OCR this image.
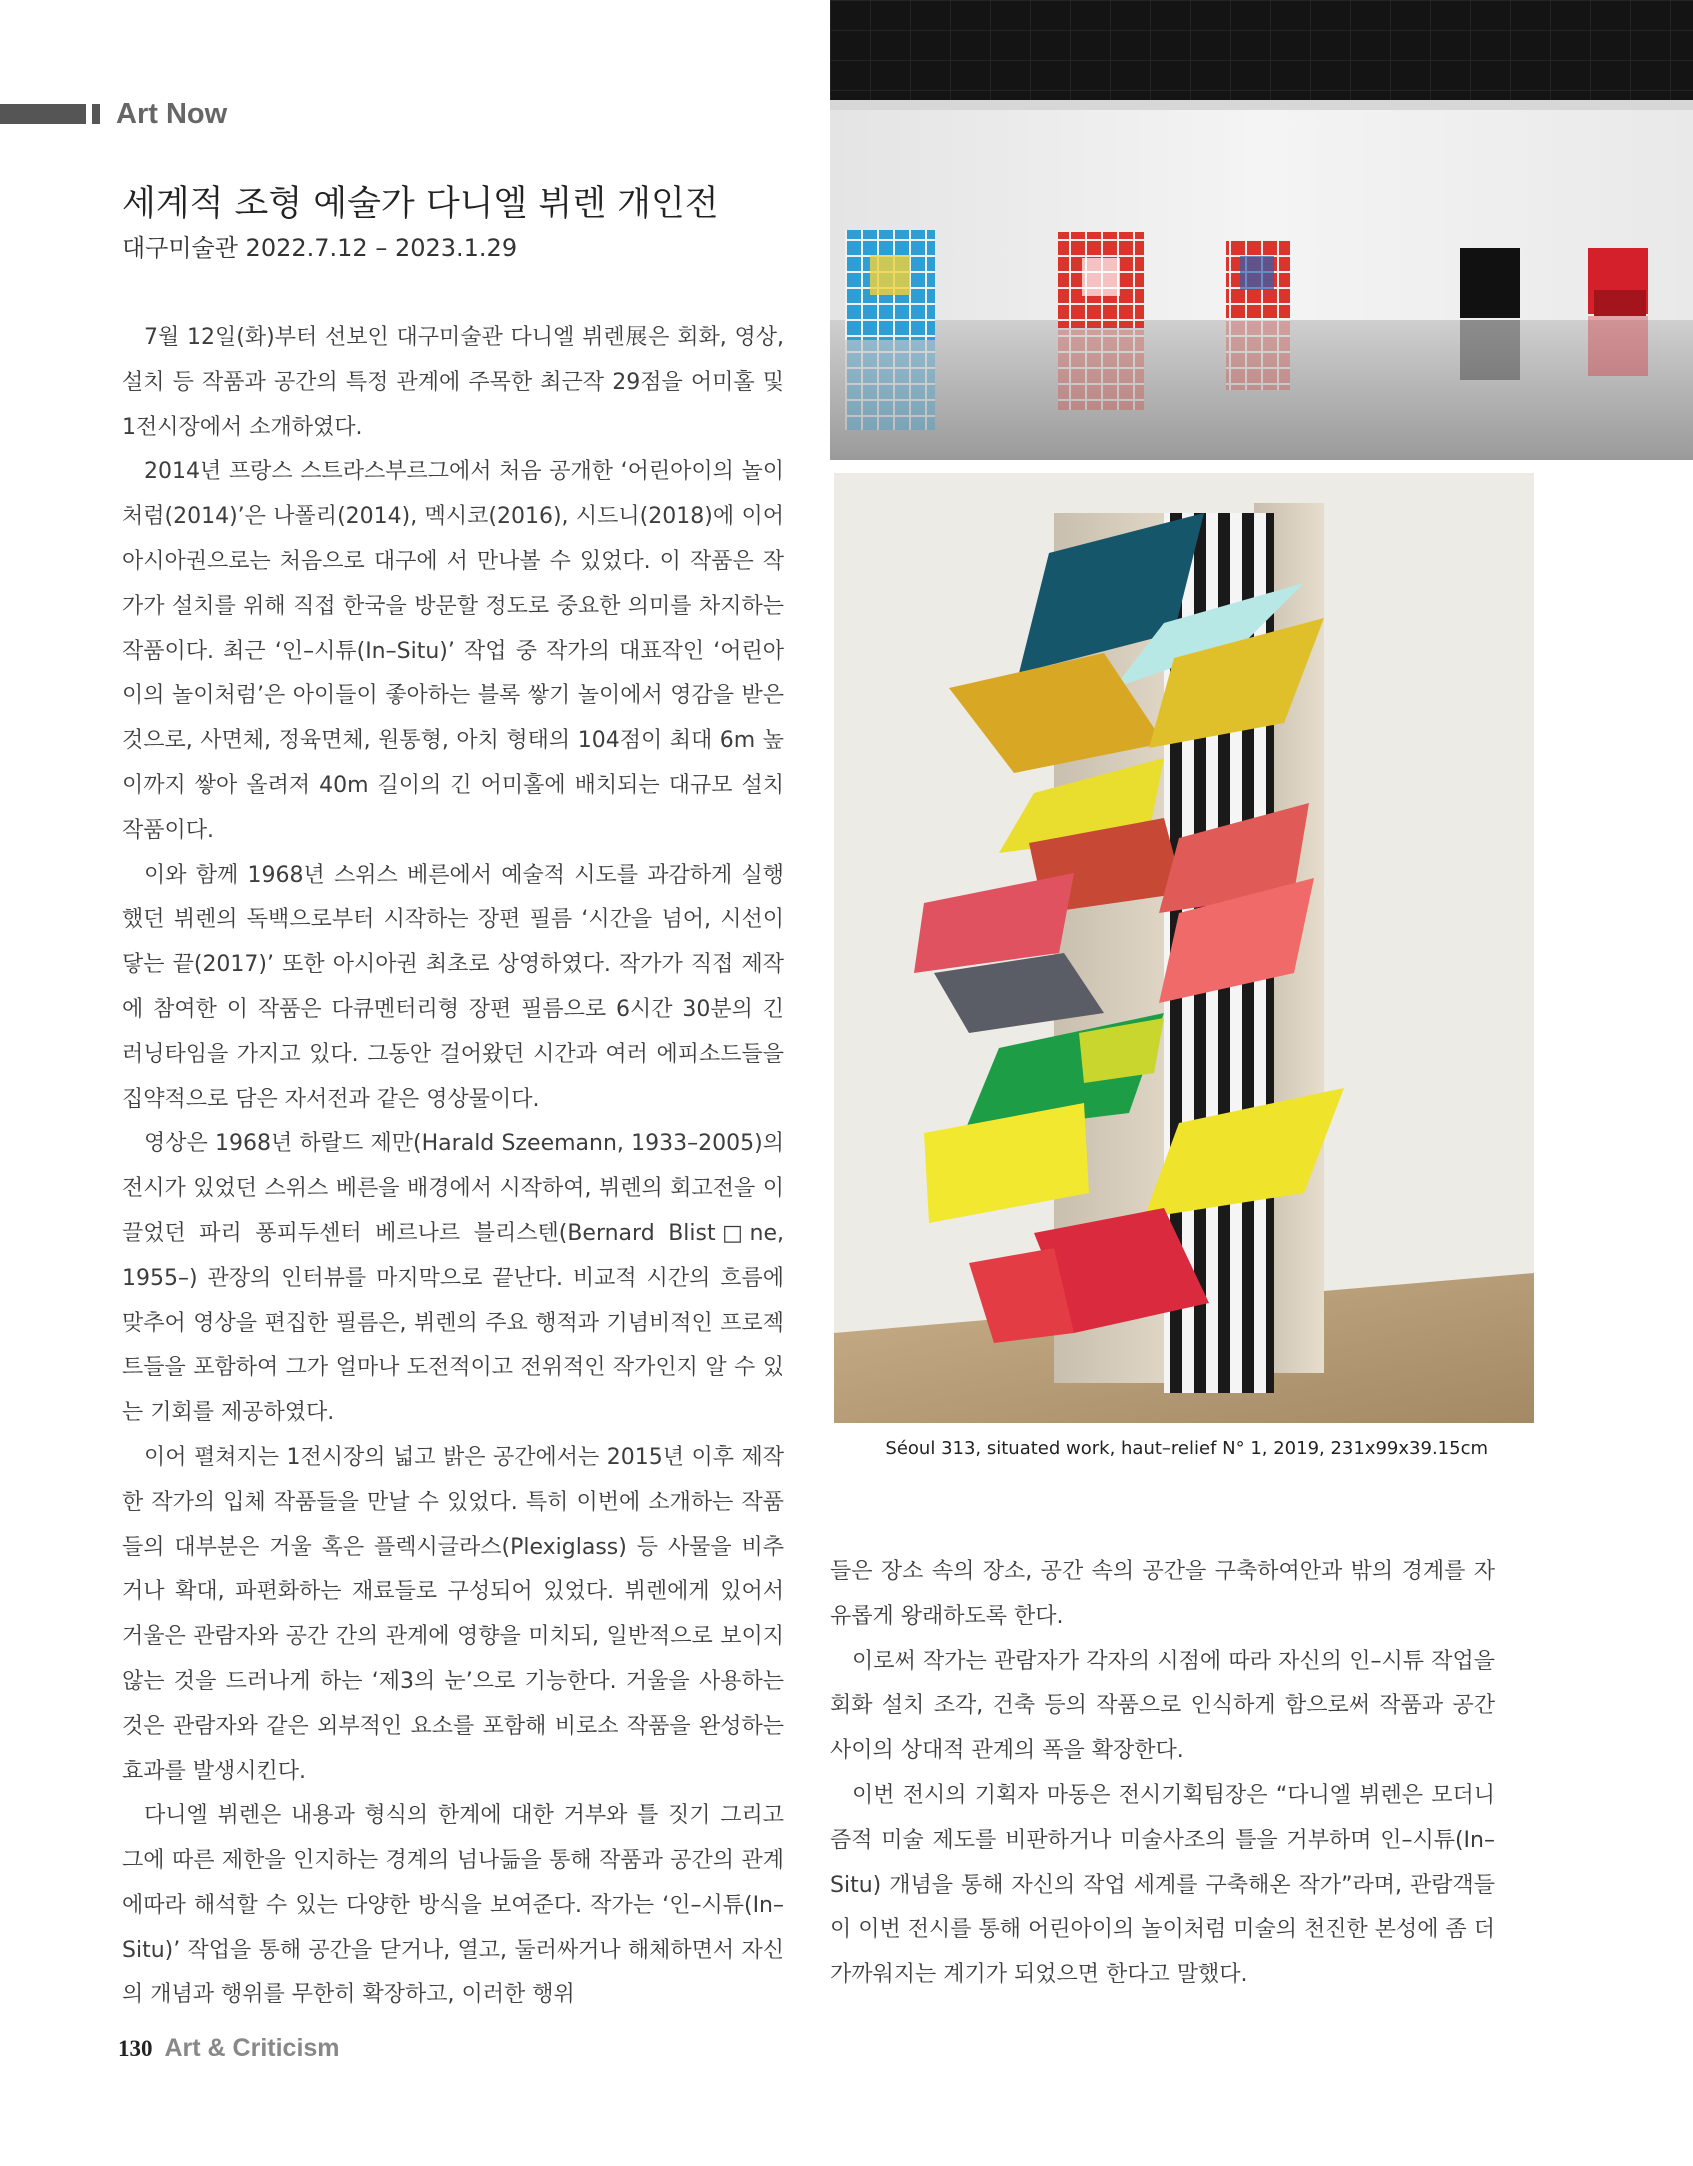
Art Now
세계적 조형 예술가 다니엘 뷔렌 개인전
대구미술관 2022.7.12 – 2023.1.29

7월 12일(화)부터 선보인 대구미술관 다니엘 뷔렌展은 회화, 영상, 설치 등 작품과 공간의 특정 관계에 주목한 최근작 29점을 어미홀 및 1전시장에서 소개하였다.

2014년 프랑스 스트라스부르그에서 처음 공개한 ‘어린아이의 놀이처럼(2014)’은 나폴리(2014), 멕시코(2016), 시드니(2018)에 이어 아시아권으로는 처음으로 대구에 서 만나볼 수 있었다. 이 작품은 작가가 설치를 위해 직접 한국을 방문할 정도로 중요한 의미를 차지하는 작품이다. 최근 ‘인–시튜(In–Situ)’ 작업 중 작가의 대표작인 ‘어린아이의 놀이처럼’은 아이들이 좋아하는 블록 쌓기 놀이에서 영감을 받은 것으로, 사면체, 정육면체, 원통형, 아치 형태의 104점이 최대 6m 높이까지 쌓아 올려져 40m 길이의 긴 어미홀에 배치되는 대규모 설치 작품이다.

이와 함께 1968년 스위스 베른에서 예술적 시도를 과감하게 실행했던 뷔렌의 독백으로부터 시작하는 장편 필름 ‘시간을 넘어, 시선이 닿는 끝(2017)’ 또한 아시아권 최초로 상영하였다. 작가가 직접 제작에 참여한 이 작품은 다큐멘터리형 장편 필름으로 6시간 30분의 긴 러닝타임을 가지고 있다. 그동안 걸어왔던 시간과 여러 에피소드들을 집약적으로 담은 자서전과 같은 영상물이다.

영상은 1968년 하랄드 제만(Harald Szeemann, 1933–2005)의 전시가 있었던 스위스 베른을 배경에서 시작하여, 뷔렌의 회고전을 이끌었던 파리 퐁피두센터 베르나르 블리스텐(Bernard Blist□ne, 1955–) 관장의 인터뷰를 마지막으로 끝난다. 비교적 시간의 흐름에 맞추어 영상을 편집한 필름은, 뷔렌의 주요 행적과 기념비적인 프로젝트들을 포함하여 그가 얼마나 도전적이고 전위적인 작가인지 알 수 있는 기회를 제공하였다.

이어 펼쳐지는 1전시장의 넓고 밝은 공간에서는 2015년 이후 제작한 작가의 입체 작품들을 만날 수 있었다. 특히 이번에 소개하는 작품들의 대부분은 거울 혹은 플렉시글라스(Plexiglass) 등 사물을 비추거나 확대, 파편화하는 재료들로 구성되어 있었다. 뷔렌에게 있어서 거울은 관람자와 공간 간의 관계에 영향을 미치되, 일반적으로 보이지 않는 것을 드러나게 하는 ‘제3의 눈’으로 기능한다. 거울을 사용하는 것은 관람자와 같은 외부적인 요소를 포함해 비로소 작품을 완성하는 효과를 발생시킨다.

다니엘 뷔렌은 내용과 형식의 한계에 대한 거부와 틀 짓기 그리고 그에 따른 제한을 인지하는 경계의 넘나듦을 통해 작품과 공간의 관계에따라 해석할 수 있는 다양한 방식을 보여준다. 작가는 ‘인–시튜(In–Situ)’ 작업을 통해 공간을 닫거나, 열고, 둘러싸거나 해체하면서 자신의 개념과 행위를 무한히 확장하고, 이러한 행위

Séoul 313, situated work, haut–relief N° 1, 2019, 231x99x39.15cm

들은 장소 속의 장소, 공간 속의 공간을 구축하여안과 밖의 경계를 자유롭게 왕래하도록 한다.

이로써 작가는 관람자가 각자의 시점에 따라 자신의 인–시튜 작업을 회화 설치 조각, 건축 등의 작품으로 인식하게 함으로써 작품과 공간 사이의 상대적 관계의 폭을 확장한다.

이번 전시의 기획자 마동은 전시기획팀장은 “다니엘 뷔렌은 모더니즘적 미술 제도를 비판하거나 미술사조의 틀을 거부하며 인–시튜(In–Situ) 개념을 통해 자신의 작업 세계를 구축해온 작가”라며, 관람객들이 이번 전시를 통해 어린아이의 놀이처럼 미술의 천진한 본성에 좀 더 가까워지는 계기가 되었으면 한다고 말했다.

130 Art & Criticism
